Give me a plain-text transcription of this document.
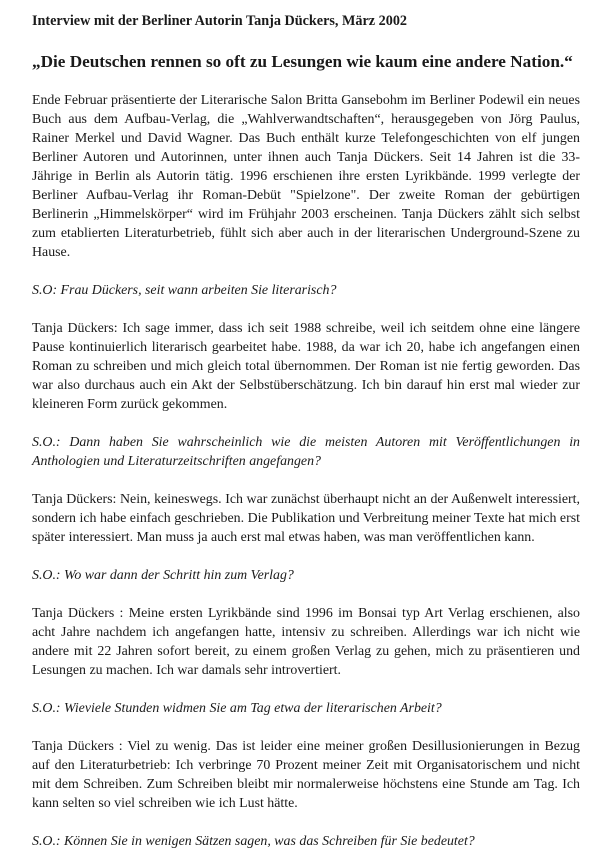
Interview mit der Berliner Autorin Tanja Dückers, März 2002
„Die Deutschen rennen so oft zu Lesungen wie kaum eine andere Nation.“

Ende Februar präsentierte der Literarische Salon Britta Gansebohm im Berliner Podewil ein neues Buch aus dem Aufbau-Verlag, die „Wahlverwandtschaften“, herausgegeben von Jörg Paulus, Rainer Merkel und David Wagner. Das Buch enthält kurze Telefongeschichten von elf jungen Berliner Autoren und Autorinnen, unter ihnen auch Tanja Dückers. Seit 14 Jahren ist die 33-Jährige in Berlin als Autorin tätig. 1996 erschienen ihre ersten Lyrikbände. 1999 verlegte der Berliner Aufbau-Verlag ihr Roman-Debüt "Spielzone". Der zweite Roman der gebürtigen Berlinerin „Himmelskörper“ wird im Frühjahr 2003 erscheinen. Tanja Dückers zählt sich selbst zum etablierten Literaturbetrieb, fühlt sich aber auch in der literarischen Underground-Szene zu Hause.

S.O: Frau Dückers, seit wann arbeiten Sie literarisch?

Tanja Dückers: Ich sage immer, dass ich seit 1988 schreibe, weil ich seitdem ohne eine längere Pause kontinuierlich literarisch gearbeitet habe. 1988, da war ich 20, habe ich angefangen einen Roman zu schreiben und mich gleich total übernommen. Der Roman ist nie fertig geworden. Das war also durchaus auch ein Akt der Selbstüberschätzung. Ich bin darauf hin erst mal wieder zur kleineren Form zurück gekommen.

S.O.: Dann haben Sie wahrscheinlich wie die meisten Autoren mit Veröffentlichungen in Anthologien und Literaturzeitschriften angefangen?

Tanja Dückers: Nein, keineswegs. Ich war zunächst überhaupt nicht an der Außenwelt interessiert, sondern ich habe einfach geschrieben. Die Publikation und Verbreitung meiner Texte hat mich erst später interessiert. Man muss ja auch erst mal etwas haben, was man veröffentlichen kann.

S.O.: Wo war dann der Schritt hin zum Verlag?

Tanja Dückers : Meine ersten Lyrikbände sind 1996 im Bonsai typ Art Verlag erschienen, also acht Jahre nachdem ich angefangen hatte, intensiv zu schreiben. Allerdings war ich nicht wie andere mit 22 Jahren sofort bereit, zu einem großen Verlag zu gehen, mich zu präsentieren und Lesungen zu machen. Ich war damals sehr introvertiert.

S.O.: Wieviele Stunden widmen Sie am Tag etwa der literarischen Arbeit?

Tanja Dückers : Viel zu wenig. Das ist leider eine meiner großen Desillusionierungen in Bezug auf den Literaturbetrieb: Ich verbringe 70 Prozent meiner Zeit mit Organisatorischem und nicht mit dem Schreiben. Zum Schreiben bleibt mir normalerweise höchstens eine Stunde am Tag. Ich kann selten so viel schreiben wie ich Lust hätte.

S.O.: Können Sie in wenigen Sätzen sagen, was das Schreiben für Sie bedeutet?
